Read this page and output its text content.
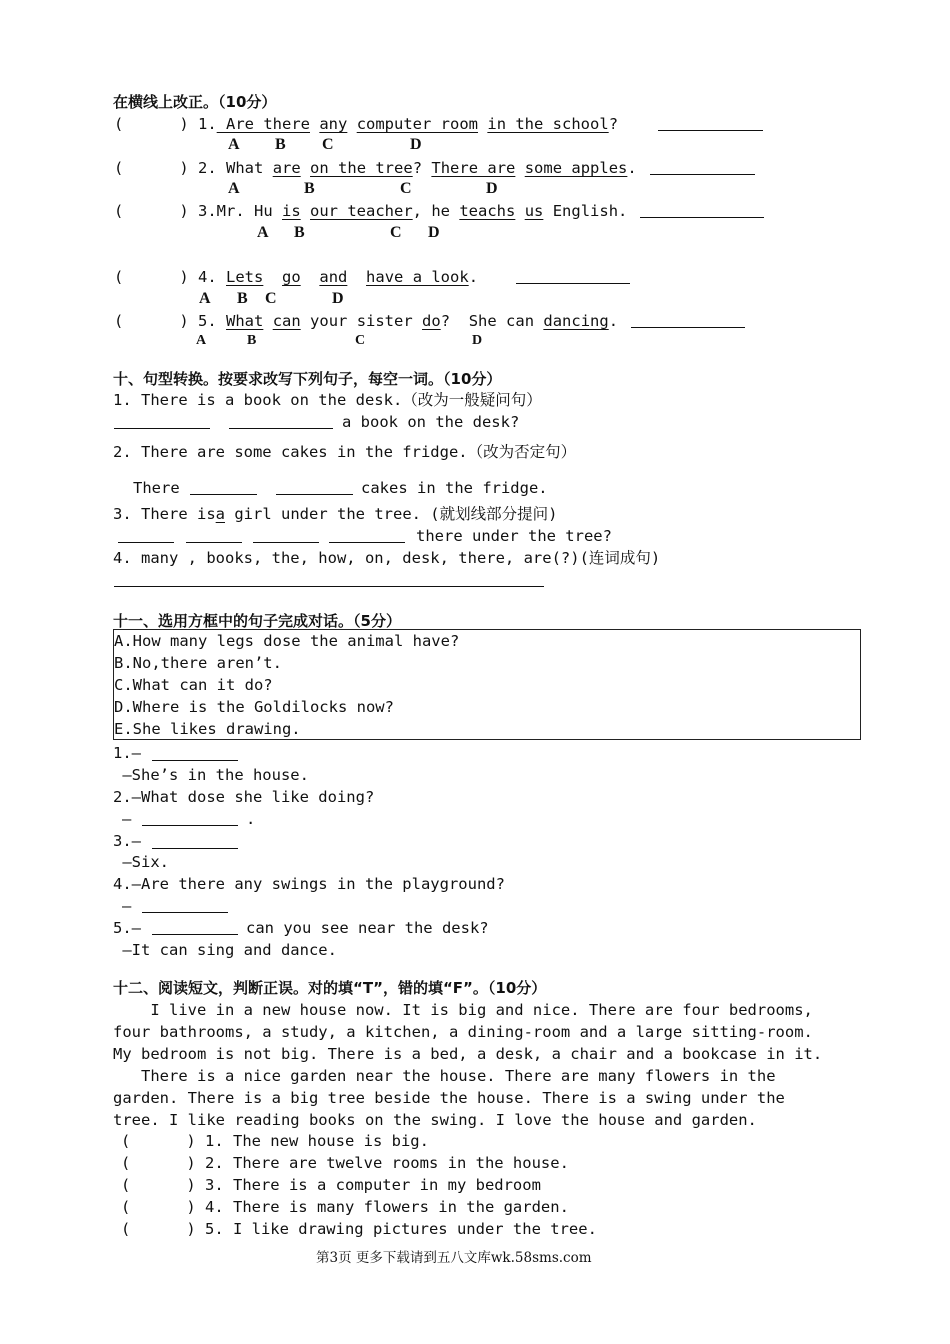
在横线上改正。（10分）
(      ) 1. Are there any computer room in the school?
A B C	D
(      ) 2. What are on the tree? There are some apples.
A	B	C	D
(      ) 3.Mr. Hu is our teacher, he teachs us English.
A B	C D
(      ) 4. Lets go and have a look.
A B C	D
(      ) 5. What can your sister do?  She can dancing.
A	B	C	D
十、句型转换。按要求改写下列句子，每空一词。（10分）
1. There is a book on the desk.（改为一般疑问句）
a book on the desk?
2. There are some cakes in the fridge.（改为否定句）
There	cakes in the fridge.
3. There isa girl under the tree. (就划线部分提问)
there under the tree?
4. many , books, the, how, on, desk, there, are(?)(连词成句)
十一、选用方框中的句子完成对话。（5分）
A.How many legs dose the animal have?
B.No,there aren’t.
C.What can it do?
D.Where is the Goldilocks now?
E.She likes drawing.
1.—
—She’s in the house.
2.—What dose she like doing?
—	.
3.—
—Six.
4.—Are there any swings in the playground?
—
5.—	can you see near the desk?
—It can sing and dance.
十二、阅读短文，判断正误。对的填“T”，错的填“F”。（10分）
I live in a new house now. It is big and nice. There are four bedrooms,
four bathrooms, a study, a kitchen, a dining-room and a large sitting-room.
My bedroom is not big. There is a bed, a desk, a chair and a bookcase in it.
There is a nice garden near the house. There are many flowers in the
garden. There is a big tree beside the house. There is a swing under the
tree. I like reading books on the swing. I love the house and garden.
(      ) 1. The new house is big.
(      ) 2. There are twelve rooms in the house.
(      ) 3. There is a computer in my bedroom
(      ) 4. There is many flowers in the garden.
(      ) 5. I like drawing pictures under the tree.
第3页 更多下载请到五八文库wk.58sms.com
